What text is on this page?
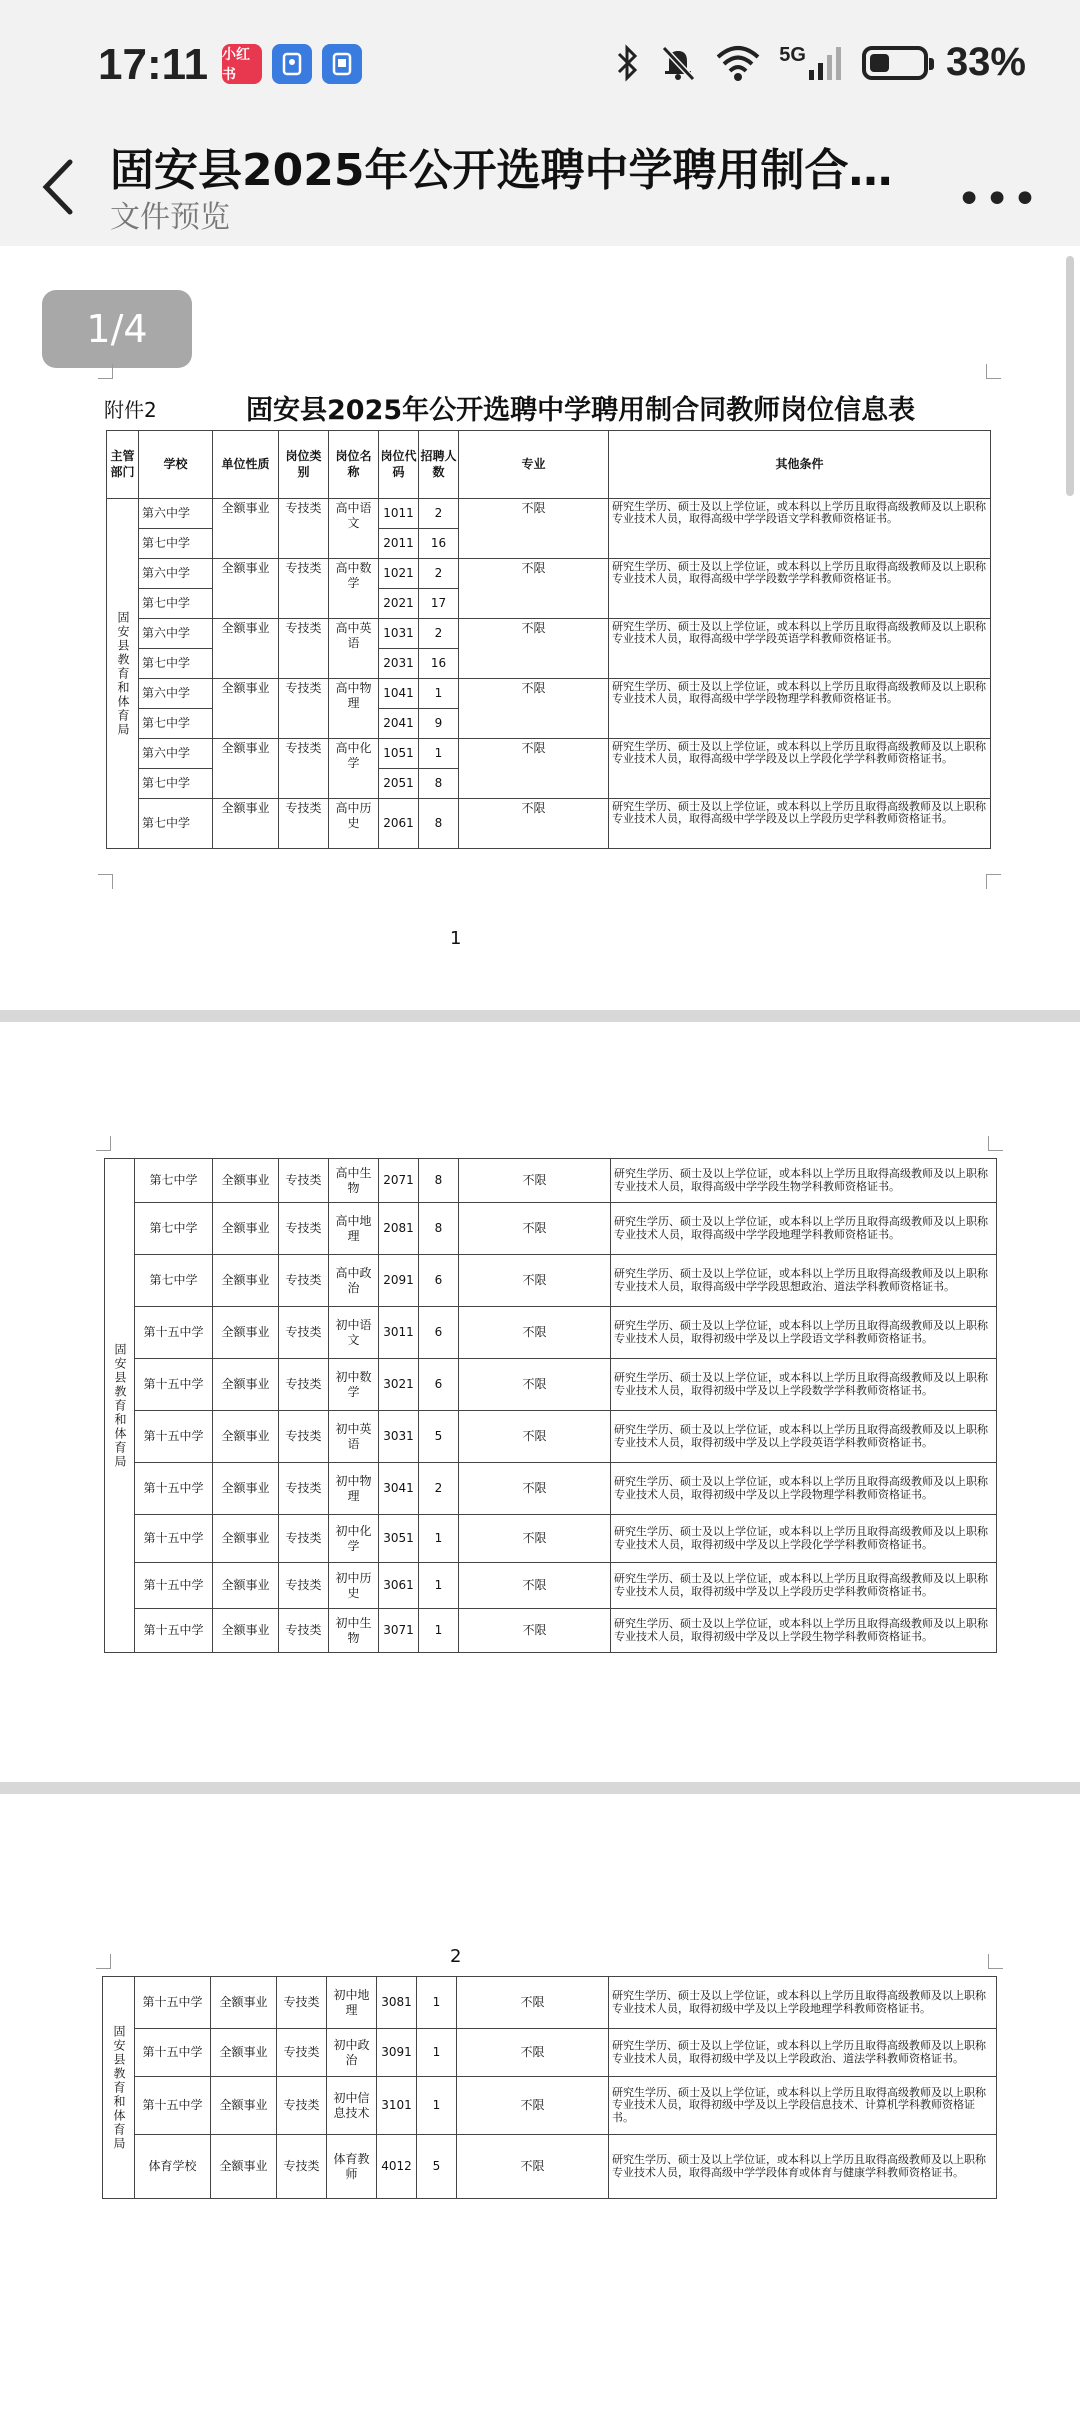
17:11 小红书
5G	33%
固安县2025年公开选聘中学聘用制合…
文件预览	•••
1/4
附件2	固安县2025年公开选聘中学聘用制合同教师岗位信息表
主管部门	学校	单位性质	岗位类别	岗位名称	岗位代码	招聘人数	专业	其他条件

固安县教育和体育局	第六中学	全额事业	专技类	高中语文	1011	2	不限	研究生学历、硕士及以上学位证，或本科以上学历且取得高级教师及以上职称专业技术人员，取得高级中学学段语文学科教师资格证书。
	第七中学				2011	16		
	第六中学	全额事业	专技类	高中数学	1021	2	不限	研究生学历、硕士及以上学位证，或本科以上学历且取得高级教师及以上职称专业技术人员，取得高级中学学段数学学科教师资格证书。
	第七中学				2021	17		
	第六中学	全额事业	专技类	高中英语	1031	2	不限	研究生学历、硕士及以上学位证，或本科以上学历且取得高级教师及以上职称专业技术人员，取得高级中学学段英语学科教师资格证书。
	第七中学				2031	16		
	第六中学	全额事业	专技类	高中物理	1041	1	不限	研究生学历、硕士及以上学位证，或本科以上学历且取得高级教师及以上职称专业技术人员，取得高级中学学段物理学科教师资格证书。
	第七中学				2041	9		
	第六中学	全额事业	专技类	高中化学	1051	1	不限	研究生学历、硕士及以上学位证，或本科以上学历且取得高级教师及以上职称专业技术人员，取得高级中学学段及以上学段化学学科教师资格证书。
	第七中学				2051	8		
	第七中学	全额事业	专技类	高中历史	2061	8	不限	研究生学历、硕士及以上学位证，或本科以上学历且取得高级教师及以上职称专业技术人员，取得高级中学学段及以上学段历史学科教师资格证书。
1
固安县教育和体育局	第七中学	全额事业	专技类	高中生物	2071	8	不限	研究生学历、硕士及以上学位证，或本科以上学历且取得高级教师及以上职称专业技术人员，取得高级中学学段生物学科教师资格证书。
	第七中学	全额事业	专技类	高中地理	2081	8	不限	研究生学历、硕士及以上学位证，或本科以上学历且取得高级教师及以上职称专业技术人员，取得高级中学学段地理学科教师资格证书。
	第七中学	全额事业	专技类	高中政治	2091	6	不限	研究生学历、硕士及以上学位证，或本科以上学历且取得高级教师及以上职称专业技术人员，取得高级中学学段思想政治、道法学科教师资格证书。
	第十五中学	全额事业	专技类	初中语文	3011	6	不限	研究生学历、硕士及以上学位证，或本科以上学历且取得高级教师及以上职称专业技术人员，取得初级中学及以上学段语文学科教师资格证书。
	第十五中学	全额事业	专技类	初中数学	3021	6	不限	研究生学历、硕士及以上学位证，或本科以上学历且取得高级教师及以上职称专业技术人员，取得初级中学及以上学段数学学科教师资格证书。
	第十五中学	全额事业	专技类	初中英语	3031	5	不限	研究生学历、硕士及以上学位证，或本科以上学历且取得高级教师及以上职称专业技术人员，取得初级中学及以上学段英语学科教师资格证书。
	第十五中学	全额事业	专技类	初中物理	3041	2	不限	研究生学历、硕士及以上学位证，或本科以上学历且取得高级教师及以上职称专业技术人员，取得初级中学及以上学段物理学科教师资格证书。
	第十五中学	全额事业	专技类	初中化学	3051	1	不限	研究生学历、硕士及以上学位证，或本科以上学历且取得高级教师及以上职称专业技术人员，取得初级中学及以上学段化学学科教师资格证书。
	第十五中学	全额事业	专技类	初中历史	3061	1	不限	研究生学历、硕士及以上学位证，或本科以上学历且取得高级教师及以上职称专业技术人员，取得初级中学及以上学段历史学科教师资格证书。
	第十五中学	全额事业	专技类	初中生物	3071	1	不限	研究生学历、硕士及以上学位证，或本科以上学历且取得高级教师及以上职称专业技术人员，取得初级中学及以上学段生物学科教师资格证书。
2
固安县教育和体育局	第十五中学	全额事业	专技类	初中地理	3081	1	不限	研究生学历、硕士及以上学位证，或本科以上学历且取得高级教师及以上职称专业技术人员，取得初级中学及以上学段地理学科教师资格证书。
	第十五中学	全额事业	专技类	初中政治	3091	1	不限	研究生学历、硕士及以上学位证，或本科以上学历且取得高级教师及以上职称专业技术人员，取得初级中学及以上学段政治、道法学科教师资格证书。
	第十五中学	全额事业	专技类	初中信息技术	3101	1	不限	研究生学历、硕士及以上学位证，或本科以上学历且取得高级教师及以上职称专业技术人员，取得初级中学及以上学段信息技术、计算机学科教师资格证书。
	体育学校	全额事业	专技类	体育教师	4012	5	不限	研究生学历、硕士及以上学位证，或本科以上学历且取得高级教师及以上职称专业技术人员，取得高级中学学段体育或体育与健康学科教师资格证书。
